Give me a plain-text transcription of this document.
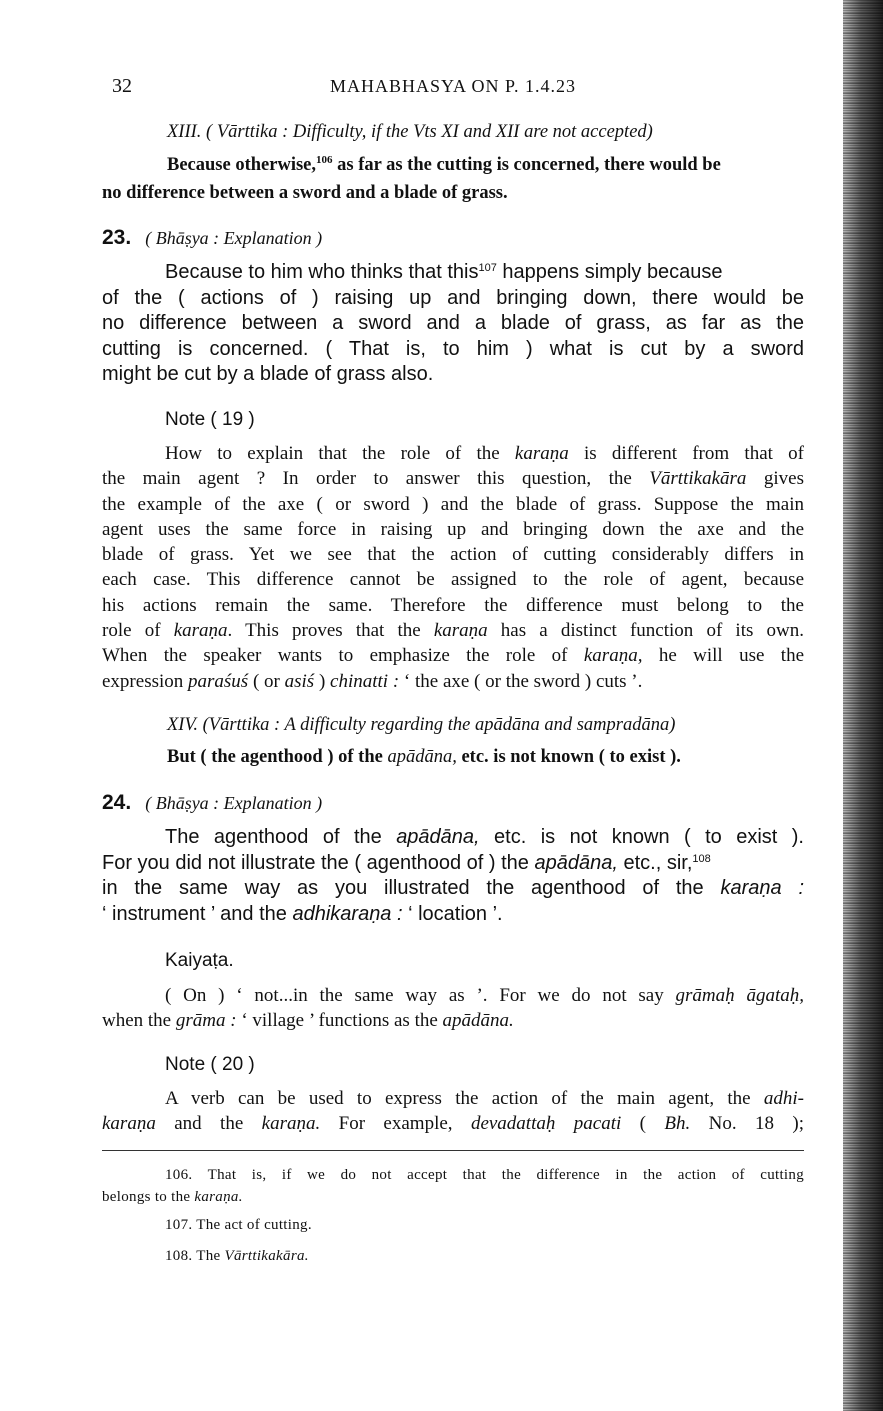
32	MAHABHASYA ON P. 1.4.23
XIII. ( Vārttika : Difficulty, if the Vts XI and XII are not accepted)
Because otherwise,$^{106}$ as far as the cutting is concerned, there would be
no difference between a sword and a blade of grass.
23. ( Bhāṣya : Explanation )
Because to him who thinks that this$^{107}$ happens simply because
of the ( actions of ) raising up and bringing down, there would be
no difference between a sword and a blade of grass, as far as the
cutting is concerned. ( That is, to him ) what is cut by a sword
might be cut by a blade of grass also.
Note ( 19 )
How to explain that the role of the karaṇa is different from that of
the main agent ? In order to answer this question, the Vārttikakāra gives
the example of the axe ( or sword ) and the blade of grass. Suppose the main
agent uses the same force in raising up and bringing down the axe and the
blade of grass. Yet we see that the action of cutting considerably differs in
each case. This difference cannot be assigned to the role of agent, because
his actions remain the same. Therefore the difference must belong to the
role of karaṇa. This proves that the karaṇa has a distinct function of its own.
When the speaker wants to emphasize the role of karaṇa, he will use the
expression paraśuś ( or asiś ) chinatti : ‘ the axe ( or the sword ) cuts ’.
XIV. (Vārttika : A difficulty regarding the apādāna and sampradāna)
But ( the agenthood ) of the apādāna, etc. is not known ( to exist ).
24. ( Bhāṣya : Explanation )
The agenthood of the apādāna, etc. is not known ( to exist ).
For you did not illustrate the ( agenthood of ) the apādāna, etc., sir,$^{108}$
in the same way as you illustrated the agenthood of the karaṇa :
‘ instrument ’ and the adhikaraṇa : ‘ location ’.
Kaiyaṭa.
( On ) ‘ not...in the same way as ’. For we do not say grāmaḥ āgataḥ,
when the grāma : ‘ village ’ functions as the apādāna.
Note ( 20 )
A verb can be used to express the action of the main agent, the adhi-
karaṇa and the karaṇa. For example, devadattaḥ pacati ( Bh. No. 18 );
106. That is, if we do not accept that the difference in the action of cutting
belongs to the karaṇa.
107. The act of cutting.
108. The Vārttikakāra.
